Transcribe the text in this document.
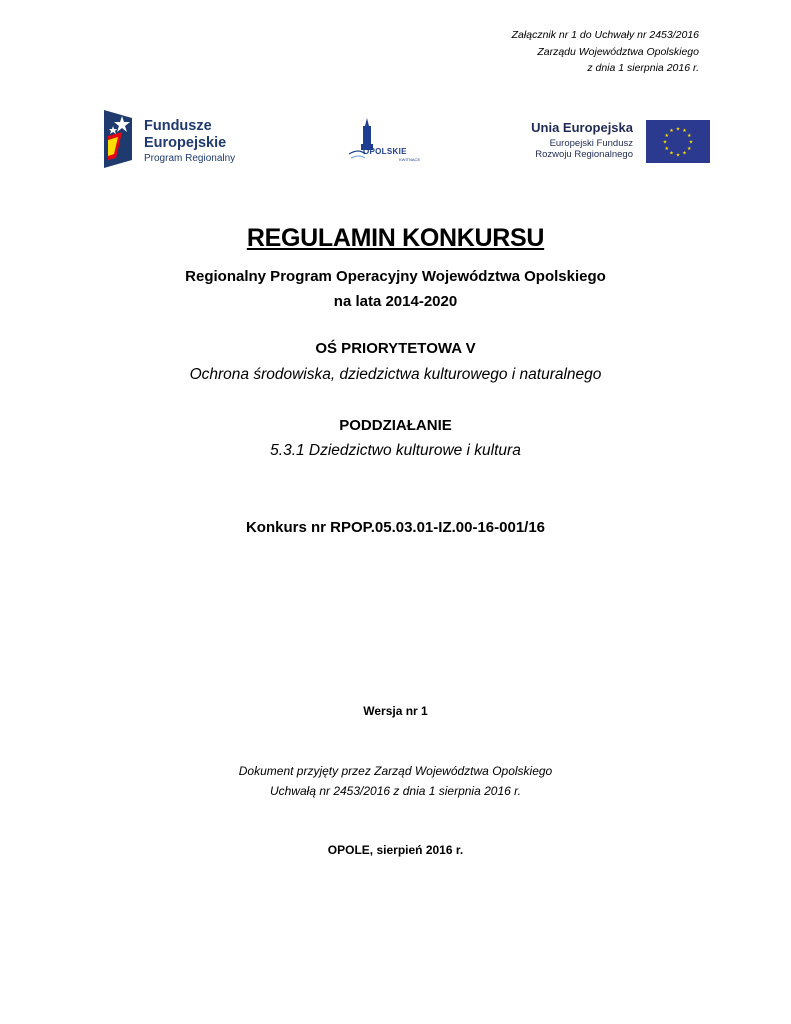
Załącznik nr 1 do Uchwały nr 2453/2016
Zarządu Województwa Opolskiego
z dnia 1 sierpnia 2016 r.
Fundusze
Europejskie
Program Regionalny
OPOLSKIE
KWITNACE
Unia Europejska
Europejski Fundusz
Rozwoju Regionalnego
★
★
★
★
★
★
★
★
★ ★ ★
★
REGULAMIN KONKURSU
Regionalny Program Operacyjny Województwa Opolskiego
na lata 2014-2020
OŚ PRIORYTETOWA V
Ochrona środowiska, dziedzictwa kulturowego i naturalnego
PODDZIAŁANIE
5.3.1 Dziedzictwo kulturowe i kultura
Konkurs nr RPOP.05.03.01-IZ.00-16-001/16
Wersja nr 1
Dokument przyjęty przez Zarząd Województwa Opolskiego
Uchwałą nr 2453/2016 z dnia 1 sierpnia 2016 r.
OPOLE, sierpień 2016 r.
